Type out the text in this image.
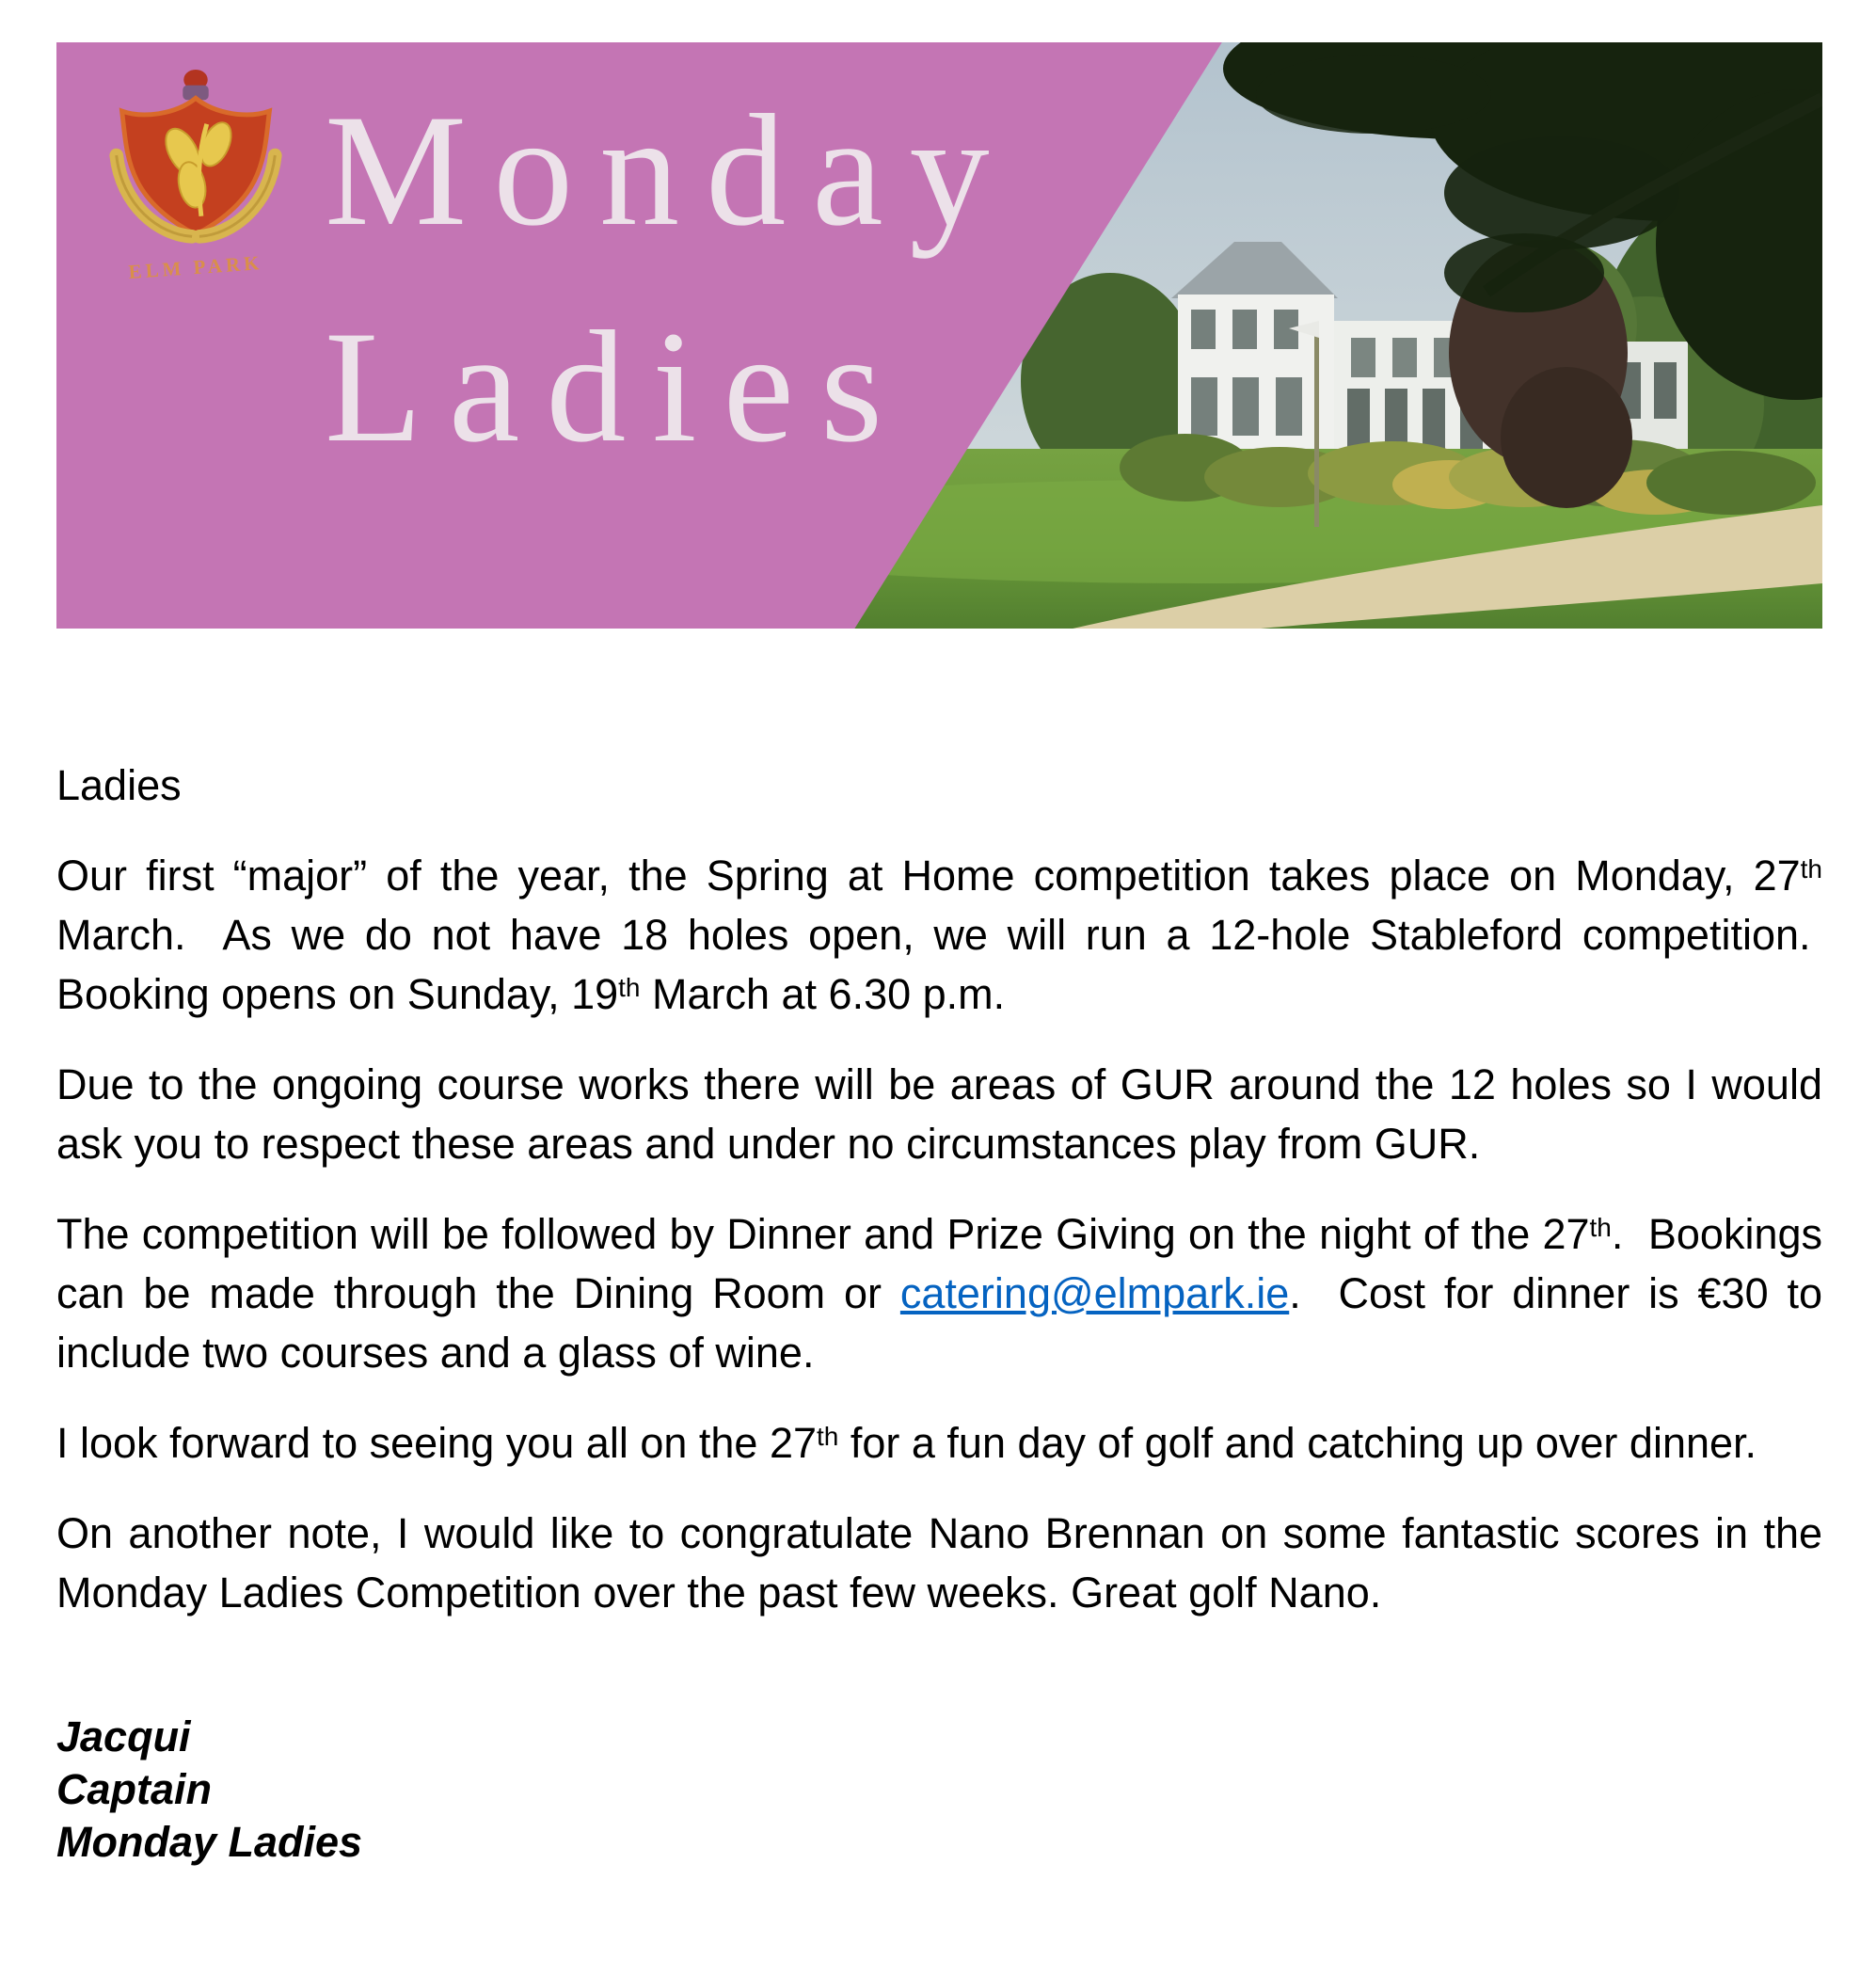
ELM PARK
Monday
Ladies

Ladies

Our first “major” of the year, the Spring at Home competition takes place on Monday, 27th March.  As we do not have 18 holes open, we will run a 12-hole Stableford competition.  Booking opens on Sunday, 19th March at 6.30 p.m.

Due to the ongoing course works there will be areas of GUR around the 12 holes so I would ask you to respect these areas and under no circumstances play from GUR.

The competition will be followed by Dinner and Prize Giving on the night of the 27th.  Bookings can be made through the Dining Room or catering@elmpark.ie.  Cost for dinner is €30 to include two courses and a glass of wine.

I look forward to seeing you all on the 27th for a fun day of golf and catching up over dinner.

On another note, I would like to congratulate Nano Brennan on some fantastic scores in the Monday Ladies Competition over the past few weeks. Great golf Nano.

Jacqui

Captain

Monday Ladies
